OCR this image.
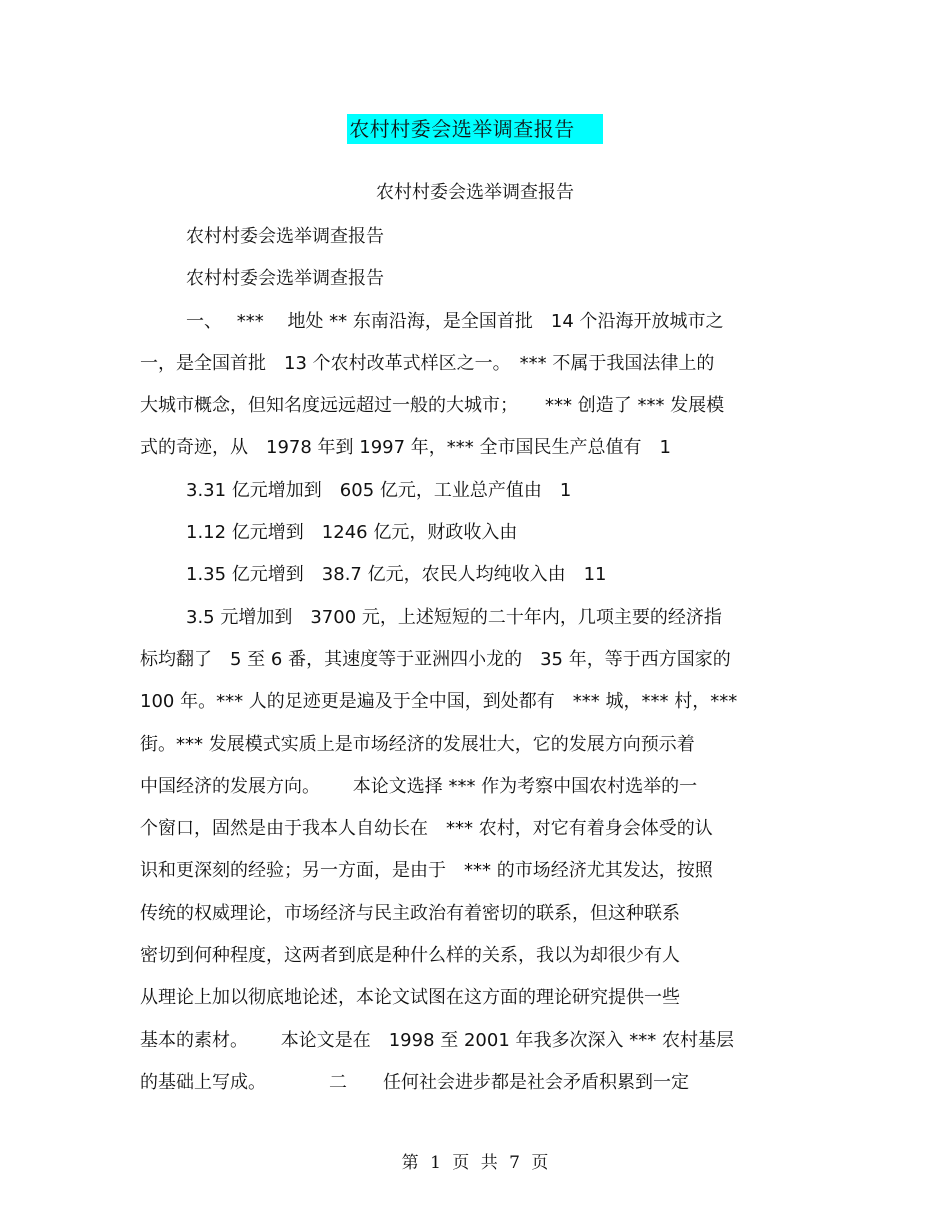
农村村委会选举调查报告
农村村委会选举调查报告
农村村委会选举调查报告
农村村委会选举调查报告
一、　 ***　 地处 ** 东南沿海，是全国首批　14 个沿海开放城市之
一，是全国首批　13 个农村改革式样区之一。　*** 不属于我国法律上的
大城市概念，但知名度远远超过一般的大城市；　　*** 创造了 *** 发展模
式的奇迹，从　1978 年到 1997 年，*** 全市国民生产总值有　1
3.31 亿元增加到　605 亿元，工业总产值由　1
1.12 亿元增到　1246 亿元，财政收入由
1.35 亿元增到　38.7 亿元，农民人均纯收入由　11
3.5 元增加到　3700 元，上述短短的二十年内，几项主要的经济指
标均翻了　5 至 6 番，其速度等于亚洲四小龙的　35 年，等于西方国家的
100 年。*** 人的足迹更是遍及于全中国，到处都有　*** 城，*** 村，***
街。*** 发展模式实质上是市场经济的发展壮大，它的发展方向预示着
中国经济的发展方向。　　 本论文选择 *** 作为考察中国农村选举的一
个窗口，固然是由于我本人自幼长在　*** 农村，对它有着身会体受的认
识和更深刻的经验；另一方面，是由于　*** 的市场经济尤其发达，按照
传统的权威理论，市场经济与民主政治有着密切的联系，但这种联系
密切到何种程度，这两者到底是种什么样的关系，我以为却很少有人
从理论上加以彻底地论述，本论文试图在这方面的理论研究提供一些
基本的素材。　　 本论文是在　1998 至 2001 年我多次深入 *** 农村基层
的基础上写成。　　　　二　　任何社会进步都是社会矛盾积累到一定
第 1 页 共 7 页
